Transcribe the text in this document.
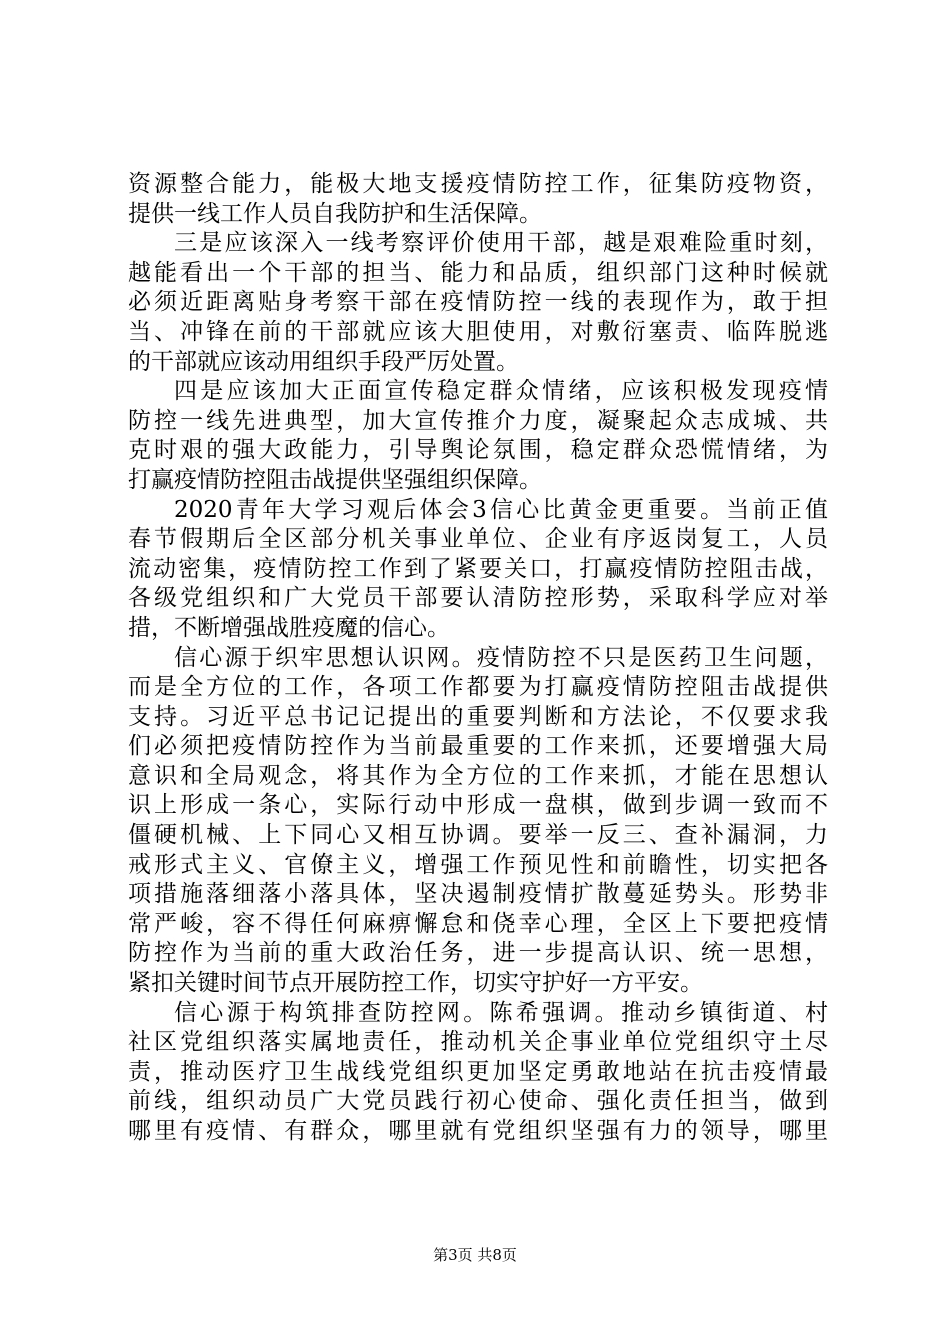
资源整合能力，能极大地支援疫情防控工作，征集防疫物资，
提供一线工作人员自我防护和生活保障。
三是应该深入一线考察评价使用干部，越是艰难险重时刻，
越能看出一个干部的担当、能力和品质，组织部门这种时候就
必须近距离贴身考察干部在疫情防控一线的表现作为，敢于担
当、冲锋在前的干部就应该大胆使用，对敷衍塞责、临阵脱逃
的干部就应该动用组织手段严厉处置。
四是应该加大正面宣传稳定群众情绪，应该积极发现疫情
防控一线先进典型，加大宣传推介力度，凝聚起众志成城、共
克时艰的强大政能力，引导舆论氛围，稳定群众恐慌情绪，为
打赢疫情防控阻击战提供坚强组织保障。
2020青年大学习观后体会3信心比黄金更重要。当前正值
春节假期后全区部分机关事业单位、企业有序返岗复工，人员
流动密集，疫情防控工作到了紧要关口，打赢疫情防控阻击战，
各级党组织和广大党员干部要认清防控形势，采取科学应对举
措，不断增强战胜疫魔的信心。
信心源于织牢思想认识网。疫情防控不只是医药卫生问题，
而是全方位的工作，各项工作都要为打赢疫情防控阻击战提供
支持。习近平总书记记提出的重要判断和方法论，不仅要求我
们必须把疫情防控作为当前最重要的工作来抓，还要增强大局
意识和全局观念，将其作为全方位的工作来抓，才能在思想认
识上形成一条心，实际行动中形成一盘棋，做到步调一致而不
僵硬机械、上下同心又相互协调。要举一反三、查补漏洞，力
戒形式主义、官僚主义，增强工作预见性和前瞻性，切实把各
项措施落细落小落具体，坚决遏制疫情扩散蔓延势头。形势非
常严峻，容不得任何麻痹懈怠和侥幸心理，全区上下要把疫情
防控作为当前的重大政治任务，进一步提高认识、统一思想，
紧扣关键时间节点开展防控工作，切实守护好一方平安。
信心源于构筑排查防控网。陈希强调。推动乡镇街道、村
社区党组织落实属地责任，推动机关企事业单位党组织守土尽
责，推动医疗卫生战线党组织更加坚定勇敢地站在抗击疫情最
前线，组织动员广大党员践行初心使命、强化责任担当，做到
哪里有疫情、有群众，哪里就有党组织坚强有力的领导，哪里
第3页 共8页
